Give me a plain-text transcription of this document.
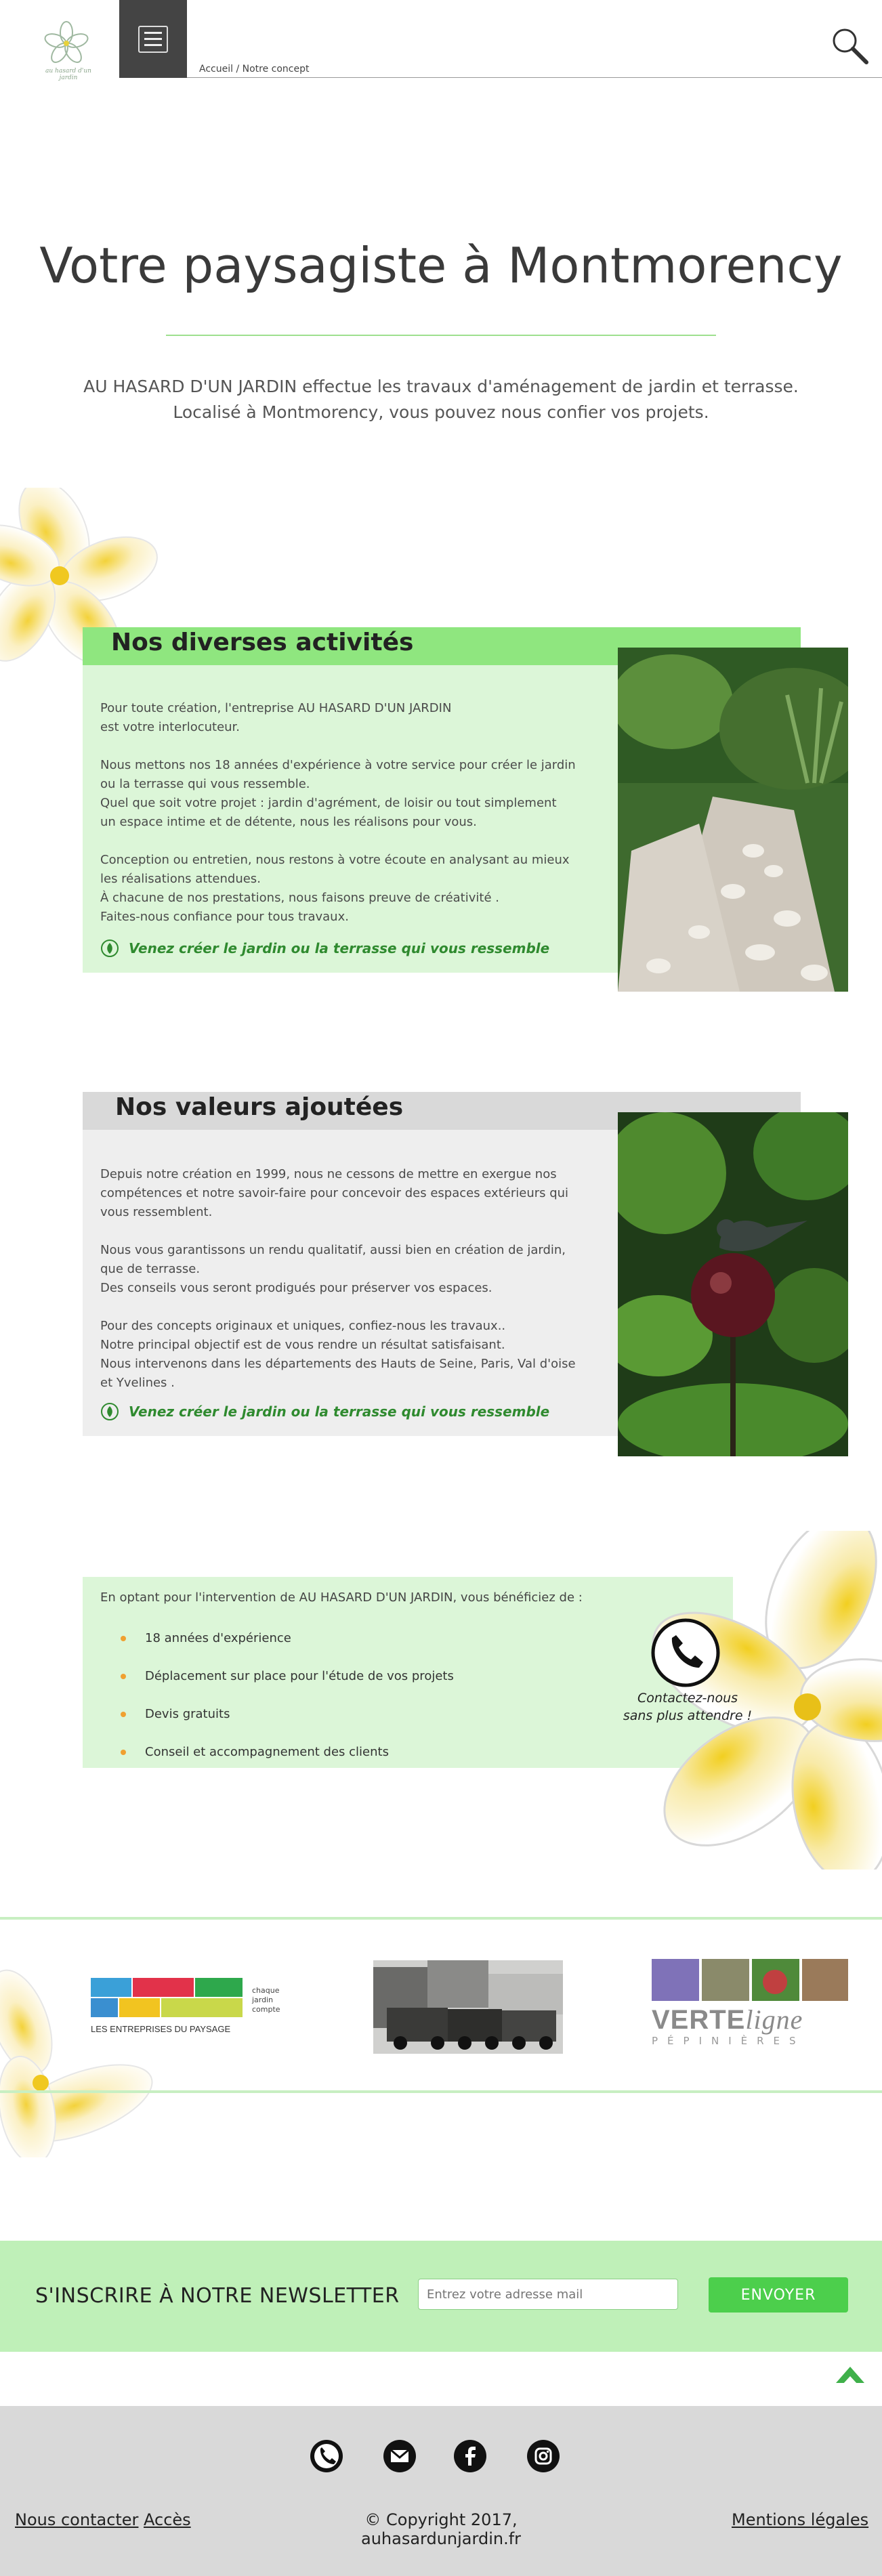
au hasard d'un jardin
Accueil / Notre concept
Votre paysagiste à Montmorency
AU HASARD D'UN JARDIN effectue les travaux d'aménagement de jardin et terrasse.
Localisé à Montmorency, vous pouvez nous confier vos projets.
Nos diverses activités

Pour toute création, l'entreprise AU HASARD D'UN JARDIN
est votre interlocuteur.

Nous mettons nos 18 années d'expérience à votre service pour créer le jardin
ou la terrasse qui vous ressemble.
Quel que soit votre projet : jardin d'agrément, de loisir ou tout simplement
un espace intime et de détente, nous les réalisons pour vous.

Conception ou entretien, nous restons à votre écoute en analysant au mieux
les réalisations attendues.
À chacune de nos prestations, nous faisons preuve de créativité .
Faites-nous confiance pour tous travaux.

Venez créer le jardin ou la terrasse qui vous ressemble
Nos valeurs ajoutées

Depuis notre création en 1999, nous ne cessons de mettre en exergue nos
compétences et notre savoir-faire pour concevoir des espaces extérieurs qui
vous ressemblent.

Nous vous garantissons un rendu qualitatif, aussi bien en création de jardin,
que de terrasse.
Des conseils vous seront prodigués pour préserver vos espaces.

Pour des concepts originaux et uniques, confiez-nous les travaux..
Notre principal objectif est de vous rendre un résultat satisfaisant.
Nous intervenons dans les départements des Hauts de Seine, Paris, Val d'oise
et Yvelines .

Venez créer le jardin ou la terrasse qui vous ressemble
En optant pour l'intervention de AU HASARD D'UN JARDIN, vous bénéficiez de :
18 années d'expérience
Déplacement sur place pour l'étude de vos projets
Devis gratuits
Conseil et accompagnement des clients
Contactez-nous
sans plus attendre !
chaque
jardin
compte
LES ENTREPRISES DU PAYSAGE	VERTEligne
PÉPINIÈRES
S'INSCRIRE À NOTRE NEWSLETTER
Entrez votre adresse mail	ENVOYER
Nous contacter Accès	© Copyright 2017, auhasardunjardin.fr
Mentions légales
